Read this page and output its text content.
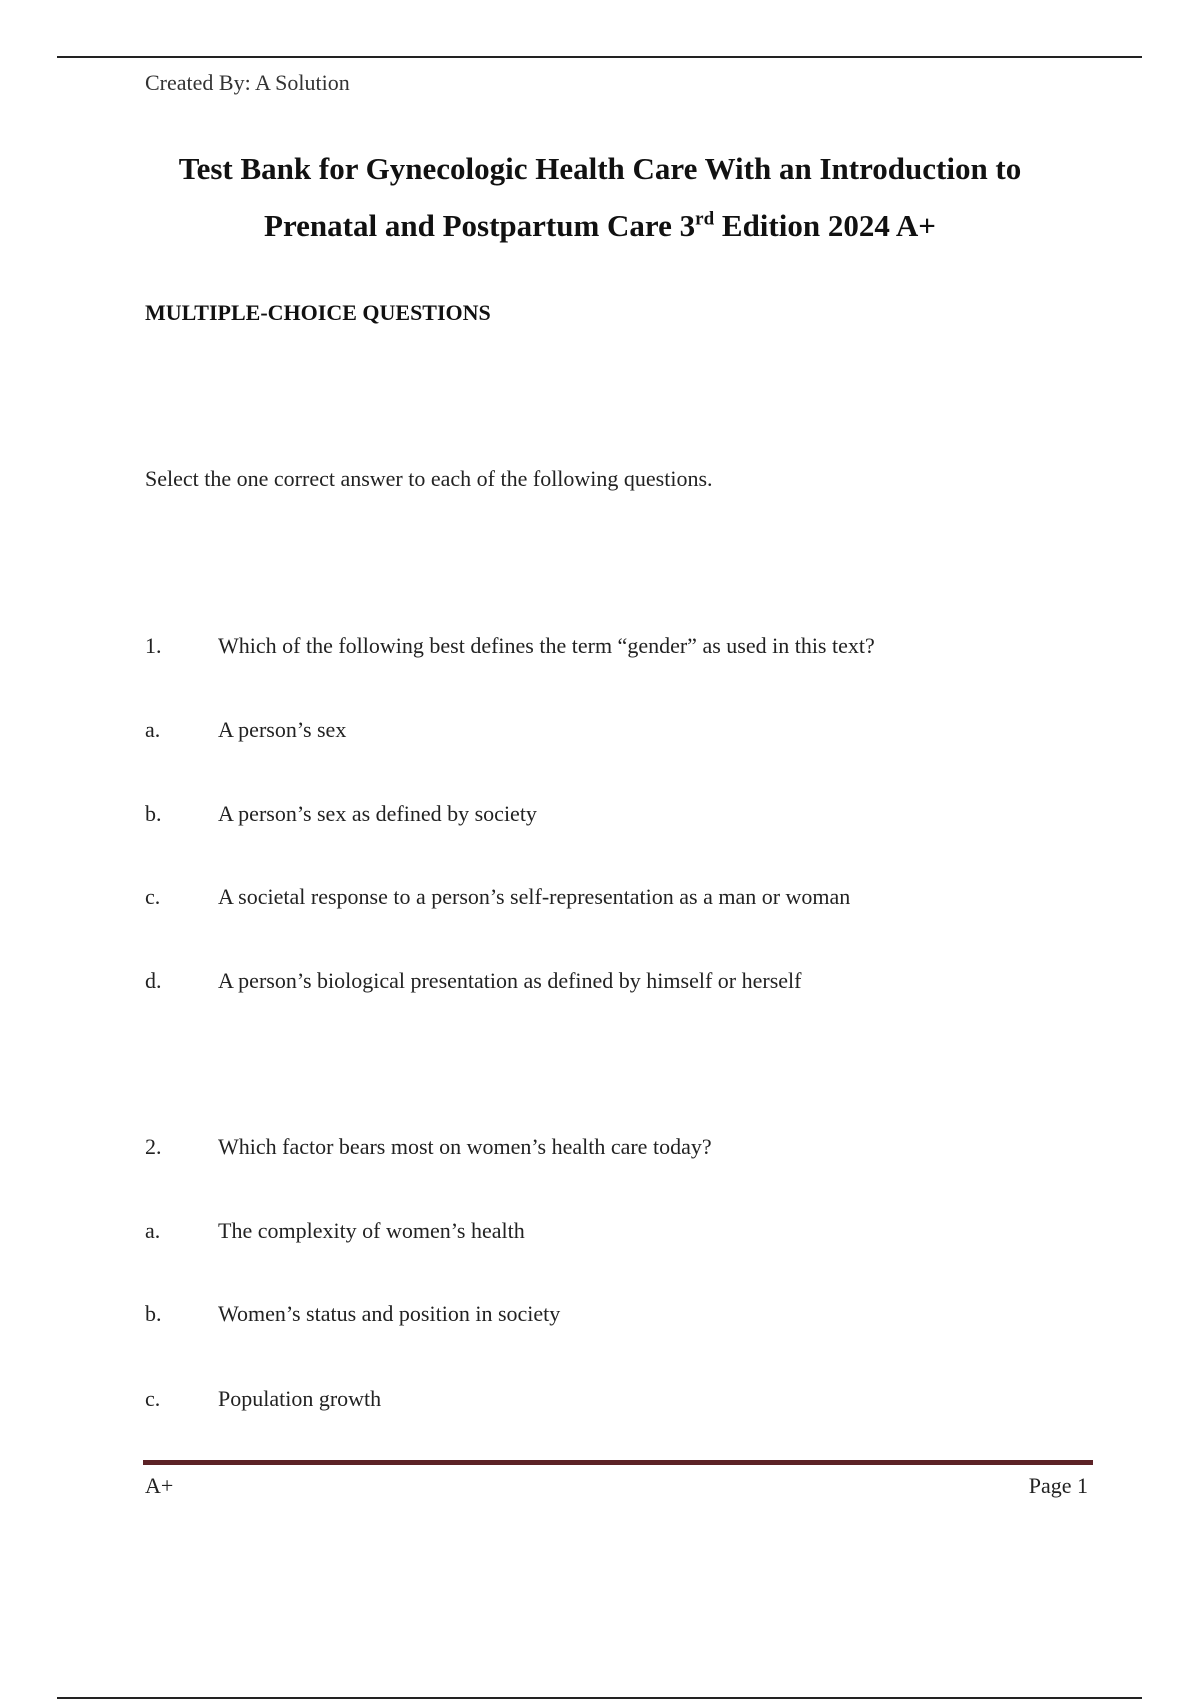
Created By: A Solution
Test Bank for Gynecologic Health Care With an Introduction to
Prenatal and Postpartum Care 3rd Edition 2024 A+
MULTIPLE-CHOICE QUESTIONS
Select the one correct answer to each of the following questions.
1.	Which of the following best defines the term “gender” as used in this text?
a.	A person’s sex
b.	A person’s sex as defined by society
c.	A societal response to a person’s self-representation as a man or woman
d.	A person’s biological presentation as defined by himself or herself
2.	Which factor bears most on women’s health care today?
a.	The complexity of women’s health
b.	Women’s status and position in society
c.	Population growth
A+	Page 1
